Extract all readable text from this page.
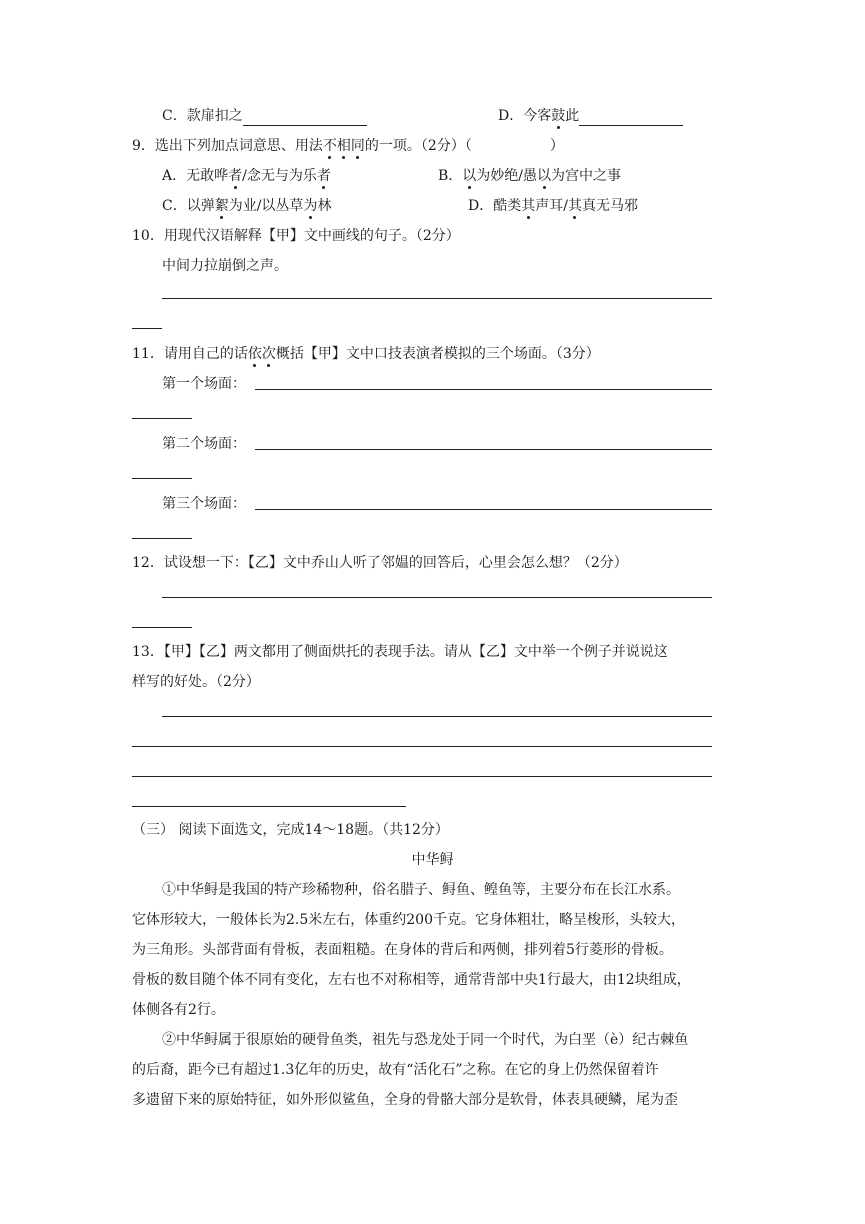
C．款扉扣之	D．今客鼓此
9．选出下列加点词意思、用法不相同的一项。（2分）（	）
A．无敢哗者/念无与为乐者	B．以为妙绝/愚以为宫中之事
C．以弹絮为业/以丛草为林	D．酷类其声耳/其真无马邪
10．用现代汉语解释【甲】文中画线的句子。（2分）
中间力拉崩倒之声。
11．请用自己的话依次概括【甲】文中口技表演者模拟的三个场面。（3分）
第一个场面：
第二个场面：
第三个场面：
12．试设想一下：【乙】文中乔山人听了邻媪的回答后，心里会怎么想？（2分）
13．【甲】【乙】两文都用了侧面烘托的表现手法。请从【乙】文中举一个例子并说说这
样写的好处。（2分）
（三） 阅读下面选文，完成14～18题。（共12分）
中华鲟
①中华鲟是我国的特产珍稀物种，俗名腊子、鲟鱼、鳇鱼等，主要分布在长江水系。
它体形较大，一般体长为2.5米左右，体重约200千克。它身体粗壮，略呈梭形，头较大，
为三角形。头部背面有骨板，表面粗糙。在身体的背后和两侧，排列着5行菱形的骨板。
骨板的数目随个体不同有变化，左右也不对称相等，通常背部中央1行最大，由12块组成，
体侧各有2行。
②中华鲟属于很原始的硬骨鱼类，祖先与恐龙处于同一个时代，为白垩（è）纪古棘鱼
的后裔，距今已有超过1.3亿年的历史，故有“活化石”之称。在它的身上仍然保留着许
多遗留下来的原始特征，如外形似鲨鱼，全身的骨骼大部分是软骨，体表具硬鳞，尾为歪
